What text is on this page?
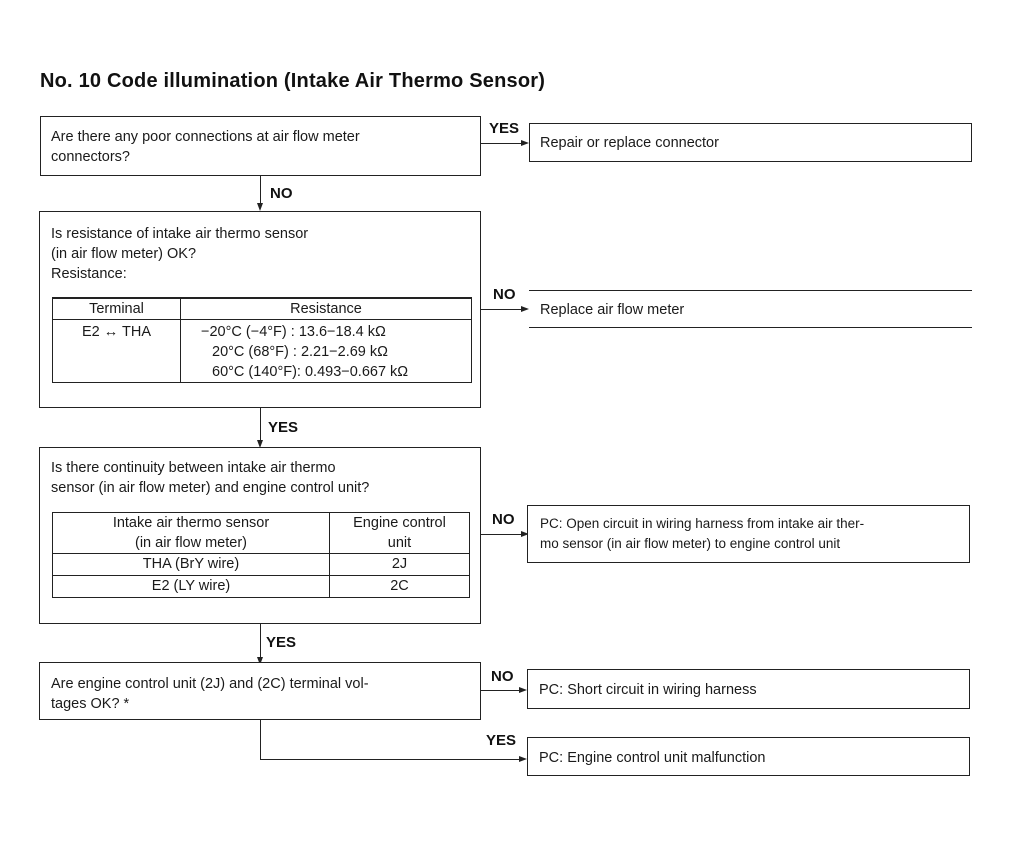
No. 10 Code illumination (Intake Air Thermo Sensor)
Are there any poor connections at air flow meter
connectors?
YES
Repair or replace connector
NO
Is resistance of intake air thermo sensor
(in air flow meter) OK?
Resistance:
Terminal	Resistance
E2 ↔ THA	−20°C (−4°F) : 13.6−18.4 kΩ
20°C (68°F) : 2.21−2.69 kΩ
60°C (140°F): 0.493−0.667 kΩ
NO
Replace air flow meter
YES
Is there continuity between intake air thermo
sensor (in air flow meter) and engine control unit?
Intake air thermo sensor
(in air flow meter)	Engine control
unit
THA (BrY wire)	2J
E2 (LY wire)	2C
NO PC: Open circuit in wiring harness from intake air ther-
mo sensor (in air flow meter) to engine control unit
YES
Are engine control unit (2J) and (2C) terminal vol-
tages OK? *
NO
PC: Short circuit in wiring harness
YES
PC: Engine control unit malfunction
